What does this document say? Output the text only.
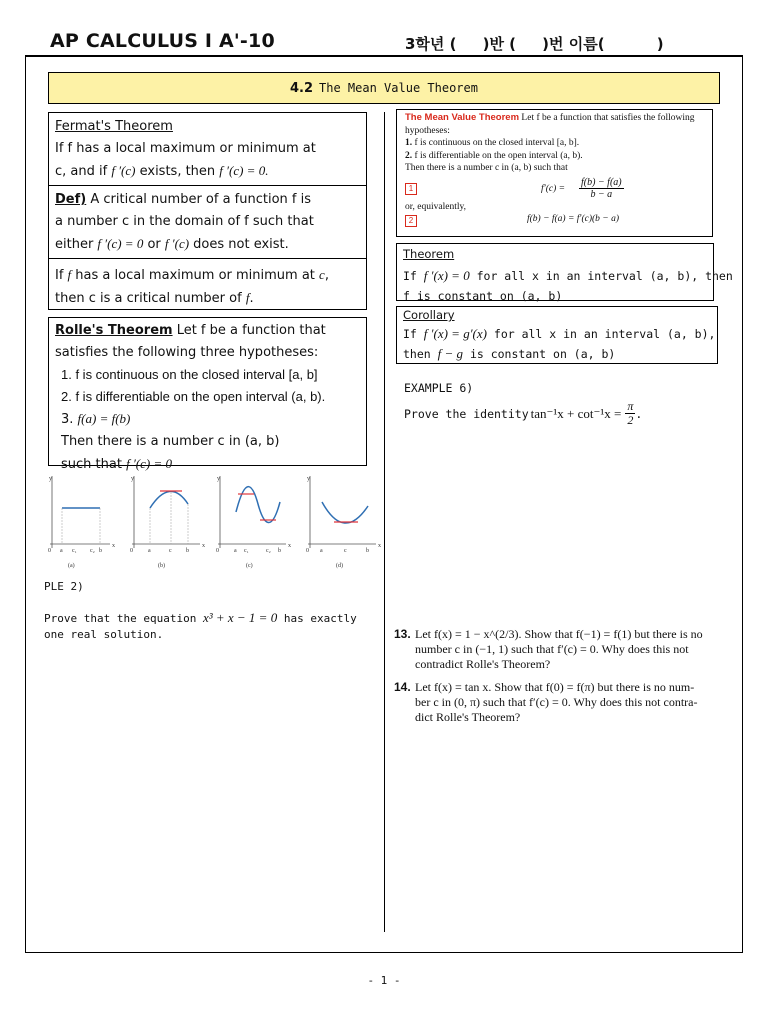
AP CALCULUS I A'-10	3학년 (     )반 (     )번 이름(          )
4.2 The Mean Value Theorem
Fermat's Theorem
If f has a local maximum or minimum at
c, and if f ′(c) exists, then f ′(c) = 0.
Def) A critical number of a function f is
a number c in the domain of f such that
either f ′(c) = 0 or f ′(c) does not exist.
If f has a local maximum or minimum at c,
then c is a critical number of f.
Rolle's Theorem Let f be a function that
satisfies the following three hypotheses:
1. f is continuous on the closed interval [a, b]
2. f is differentiable on the open interval (a, b).
3. f(a) = f(b)
Then there is a number c in (a, b)
such that f ′(c) = 0
y
x
0 a c₁ c₂ b
(a)
y
x
0	a	c b
(b)
y
x
0	a c₁	c₂ b
(c)
y
x
0 a	c	b
(d)
PLE 2)
Prove that the equation x³ + x − 1 = 0 has exactly
one real solution.
The Mean Value Theorem Let f be a function that satisfies the following
hypotheses:
1. f is continuous on the closed interval [a, b].
2. f is differentiable on the open interval (a, b).
Then there is a number c in (a, b) such that
1	$f'(c) = \frac{f(b) - f(a)}{b - a}$
or, equivalently,
2	f(b) − f(a) = f′(c)(b − a)
Theorem
If f ′(x) = 0 for all x in an interval (a, b), then
f is constant on (a, b)
Corollary
If f ′(x) = g′(x) for all x in an interval (a, b),
then f − g is constant on (a, b)
EXAMPLE 6)
Prove the identity $\tan^{-1}x + \cot^{-1}x = \frac{\pi}{2}$ .
13. Let f(x) = 1 − x^(2/3). Show that f(−1) = f(1) but there is no
number c in (−1, 1) such that f′(c) = 0. Why does this not
contradict Rolle's Theorem?
14. Let f(x) = tan x. Show that f(0) = f(π) but there is no num-
ber c in (0, π) such that f′(c) = 0. Why does this not contra-
dict Rolle's Theorem?
- 1 -
